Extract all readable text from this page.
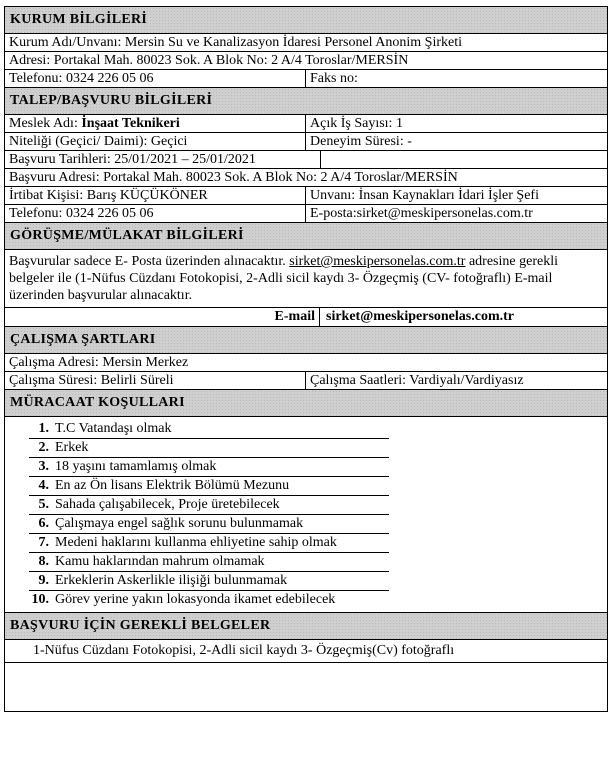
KURUM BİLGİLERİ
Kurum Adı/Unvanı: Mersin Su ve Kanalizasyon İdaresi Personel Anonim Şirketi
Adresi: Portakal Mah. 80023 Sok. A Blok No: 2 A/4 Toroslar/MERSİN
Telefonu: 0324 226 05 06	Faks no:
TALEP/BAŞVURU BİLGİLERİ
Meslek Adı: İnşaat Teknikeri	Açık İş Sayısı: 1
Niteliği (Geçici/ Daimi): Geçici	Deneyim Süresi: -
Başvuru Tarihleri: 25/01/2021 – 25/01/2021
Başvuru Adresi: Portakal Mah. 80023 Sok. A Blok No: 2 A/4 Toroslar/MERSİN
İrtibat Kişisi: Barış KÜÇÜKÖNER	Unvanı: İnsan Kaynakları İdari İşler Şefi
Telefonu: 0324 226 05 06	E-posta:sirket@meskipersonelas.com.tr
GÖRÜŞME/MÜLAKAT BİLGİLERİ
Başvurular sadece E- Posta üzerinden alınacaktır. sirket@meskipersonelas.com.tr adresine gerekli belgeler ile (1-Nüfus Cüzdanı Fotokopisi, 2-Adli sicil kaydı 3- Özgeçmiş (CV- fotoğraflı) E-mail üzerinden başvurular alınacaktır.
E-mail sirket@meskipersonelas.com.tr
ÇALIŞMA ŞARTLARI
Çalışma Adresi: Mersin Merkez
Çalışma Süresi: Belirli Süreli	Çalışma Saatleri: Vardiyalı/Vardiyasız
MÜRACAAT KOŞULLARI
1. T.C Vatandaşı olmak
2. Erkek
3. 18 yaşını tamamlamış olmak
4. En az Ön lisans Elektrik Bölümü Mezunu
5. Sahada çalışabilecek, Proje üretebilecek
6. Çalışmaya engel sağlık sorunu bulunmamak
7. Medeni haklarını kullanma ehliyetine sahip olmak
8. Kamu haklarından mahrum olmamak
9. Erkeklerin Askerlikle ilişiği bulunmamak
10. Görev yerine yakın lokasyonda ikamet edebilecek
BAŞVURU İÇİN GEREKLİ BELGELER
1-Nüfus Cüzdanı Fotokopisi, 2-Adli sicil kaydı 3- Özgeçmiş(Cv) fotoğraflı
